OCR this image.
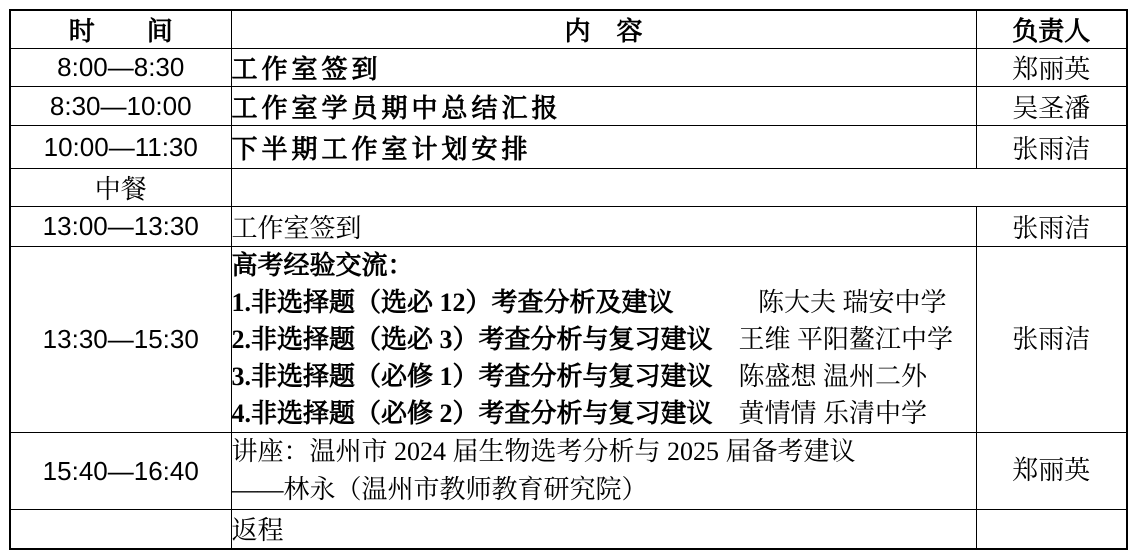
时　　间	内　容	负责人
8:00—8:30	工作室签到	郑丽英
8:30—10:00	工作室学员期中总结汇报	吴圣潘
10:00—11:30	下半期工作室计划安排	张雨洁
中餐		
13:00—13:30	工作室签到	张雨洁
13:30—15:30	高考经验交流：
1.非选择题（选必 12）考查分析及建议　　　 陈大夫 瑞安中学
2.非选择题（选必 3）考查分析与复习建议　王维 平阳鳌江中学
3.非选择题（必修 1）考查分析与复习建议　陈盛想 温州二外
4.非选择题（必修 2）考查分析与复习建议　黄情情 乐清中学	张雨洁
15:40—16:40	讲座：温州市 2024 届生物选考分析与 2025 届备考建议
——林永（温州市教师教育研究院）	郑丽英
	返程	
